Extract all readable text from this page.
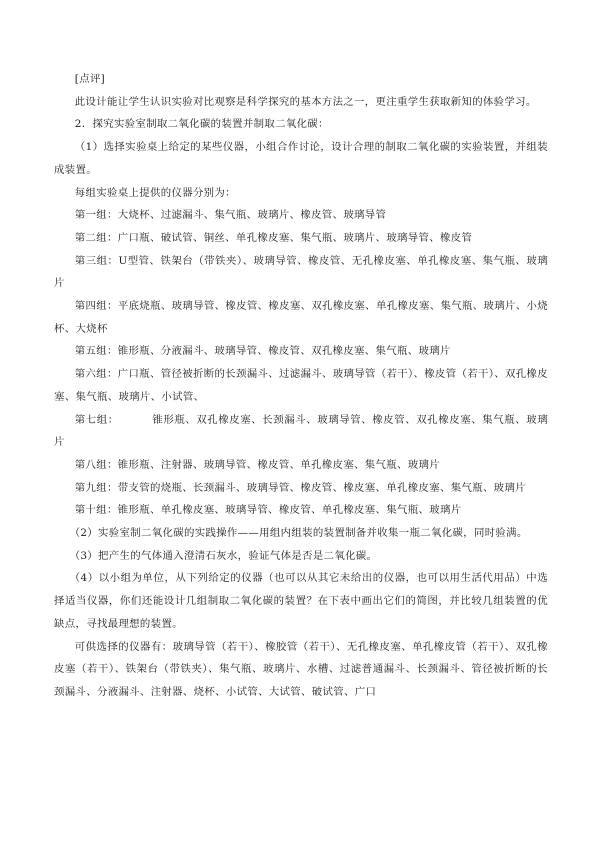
[点评]

此设计能让学生认识实验对比观察是科学探究的基本方法之一，更注重学生获取新知的体验学习。

2．探究实验室制取二氧化碳的装置并制取二氧化碳：

（1）选择实验桌上给定的某些仪器，小组合作讨论，设计合理的制取二氧化碳的实验装置，并组装成装置。

每组实验桌上提供的仪器分别为：

第一组：大烧杯、过滤漏斗、集气瓶、玻璃片、橡皮管、玻璃导管

第二组：广口瓶、破试管、铜丝、单孔橡皮塞、集气瓶、玻璃片、玻璃导管、橡皮管

第三组：U型管、铁架台（带铁夹）、玻璃导管、橡皮管、无孔橡皮塞、单孔橡皮塞、集气瓶、玻璃片

第四组：平底烧瓶、玻璃导管、橡皮管、橡皮塞、双孔橡皮塞、单孔橡皮塞、集气瓶、玻璃片、小烧杯、大烧杯

第五组：锥形瓶、分液漏斗、玻璃导管、橡皮管、双孔橡皮塞、集气瓶、玻璃片

第六组：广口瓶、管径被折断的长颈漏斗、过滤漏斗、玻璃导管（若干）、橡皮管（若干）、双孔橡皮塞、集气瓶、玻璃片、小试管、

第七组：	锥形瓶、双孔橡皮塞、长颈漏斗、玻璃导管、橡皮管、双孔橡皮塞、集气瓶、玻璃片

第八组：锥形瓶、注射器、玻璃导管、橡皮管、单孔橡皮塞、集气瓶、玻璃片

第九组：带支管的烧瓶、长颈漏斗、玻璃导管、橡皮管、橡皮塞、单孔橡皮塞、集气瓶、玻璃片

第十组：锥形瓶、单孔橡皮塞、玻璃导管、橡皮管、单孔橡皮塞、集气瓶、玻璃片

（2）实验室制二氧化碳的实践操作——用组内组装的装置制备并收集一瓶二氧化碳，同时验满。

（3）把产生的气体通入澄清石灰水，验证气体是否是二氧化碳。

（4）以小组为单位，从下列给定的仪器（也可以从其它未给出的仪器，也可以用生活代用品）中选择适当仪器，你们还能设计几组制取二氧化碳的装置？在下表中画出它们的简图，并比较几组装置的优缺点，寻找最理想的装置。

可供选择的仪器有：玻璃导管（若干）、橡胶管（若干）、无孔橡皮塞、单孔橡皮管（若干）、双孔橡皮塞（若干）、铁架台（带铁夹）、集气瓶、玻璃片、水槽、过滤普通漏斗、长颈漏斗、管径被折断的长颈漏斗、分液漏斗、注射器、烧杯、小试管、大试管、破试管、广口
